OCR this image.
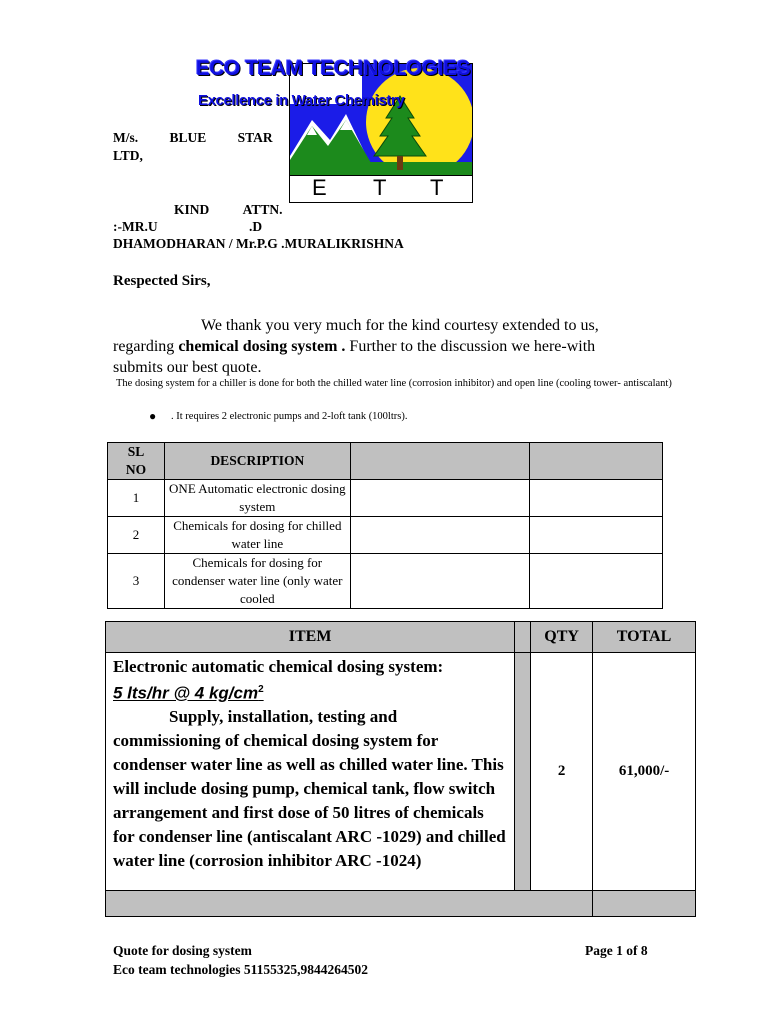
E T T
ECO TEAM TECHNOLOGIES
Excellence in Water Chemistry
M/s. BLUE STAR
LTD,
KIND ATTN.
:-MR.U	.D
DHAMODHARAN / Mr.P.G .MURALIKRISHNA
Respected Sirs,
We thank you very much for the kind courtesy extended to us,
regarding chemical dosing system . Further to the discussion we here-with
submits our best quote.
The dosing system for a chiller is done for both the chilled water line (corrosion inhibitor) and open line (cooling tower- antiscalant)
● . It requires 2 electronic pumps and 2-loft tank (100ltrs).
SL NO	DESCRIPTION		
1	ONE Automatic electronic dosing system		
2	Chemicals for dosing for chilled water line		
3	Chemicals for dosing for condenser water line (only water cooled		
ITEM		QTY	TOTAL

Electronic automatic chemical dosing system:
5 lts/hr @ 4 $kg/cm^2$
Supply, installation, testing and commissioning of chemical dosing system for condenser water line as well as chilled water line. This will include dosing pump, chemical tank, flow switch arrangement and first dose of 50 litres of chemicals for condenser line (antiscalant ARC -1029) and chilled water line (corrosion inhibitor ARC -1024)		2	61,000/-

Quote for dosing system
Eco team technologies 51155325,9844264502
Page 1 of 8
